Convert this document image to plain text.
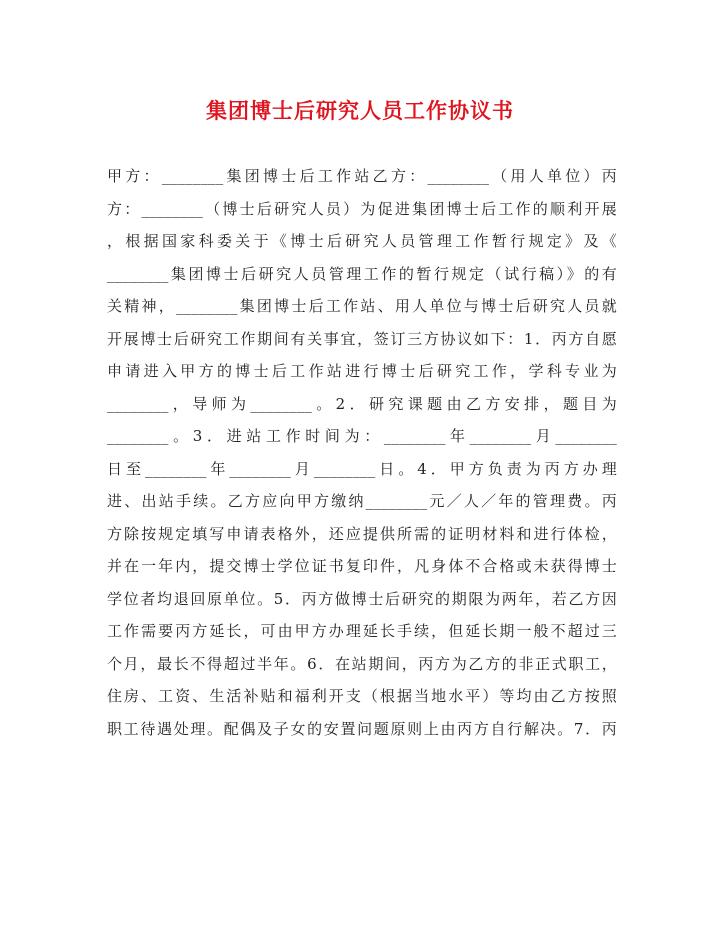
集团博士后研究人员工作协议书
甲方：________集团博士后工作站乙方：________（用人单位）丙
方：________（博士后研究人员）为促进集团博士后工作的顺利开展
，根据国家科委关于《博士后研究人员管理工作暂行规定》及《
________集团博士后研究人员管理工作的暂行规定（试行稿）》的有
关精神，________集团博士后工作站、用人单位与博士后研究人员就
开展博士后研究工作期间有关事宜，签订三方协议如下：1．丙方自愿
申请进入甲方的博士后工作站进行博士后研究工作，学科专业为
________，导师为________。2．研究课题由乙方安排，题目为
________。3．进站工作时间为：________年________月________
日至________年________月________日。4．甲方负责为丙方办理
进、出站手续。乙方应向甲方缴纳________元／人／年的管理费。丙
方除按规定填写申请表格外，还应提供所需的证明材料和进行体检，
并在一年内，提交博士学位证书复印件，凡身体不合格或未获得博士
学位者均退回原单位。5．丙方做博士后研究的期限为两年，若乙方因
工作需要丙方延长，可由甲方办理延长手续，但延长期一般不超过三
个月，最长不得超过半年。6．在站期间，丙方为乙方的非正式职工，
住房、工资、生活补贴和福利开支（根据当地水平）等均由乙方按照
职工待遇处理。配偶及子女的安置问题原则上由丙方自行解决。7．丙
